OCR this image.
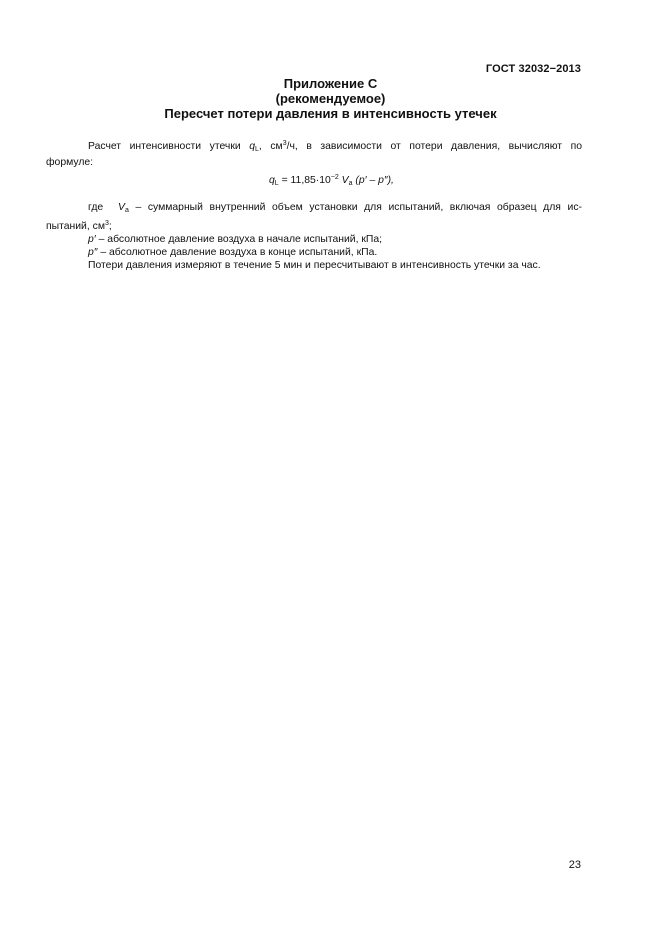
ГОСТ 32032−2013
Приложение С
(рекомендуемое)
Пересчет потери давления в интенсивность утечек
Расчет интенсивности утечки $q_L$, $см^3/ч$, в зависимости от потери давления, вычисляют по
формуле:
$q_L = 11,85\cdot 10^{-2}$ $V_a$ (p′ – p″),
где $V_a$ – суммарный внутренний объем установки для испытаний, включая образец для ис-
пытаний, $см^3$;
p′ – абсолютное давление воздуха в начале испытаний, кПа;
p″ – абсолютное давление воздуха в конце испытаний, кПа.
Потери давления измеряют в течение 5 мин и пересчитывают в интенсивность утечки за час.
23
